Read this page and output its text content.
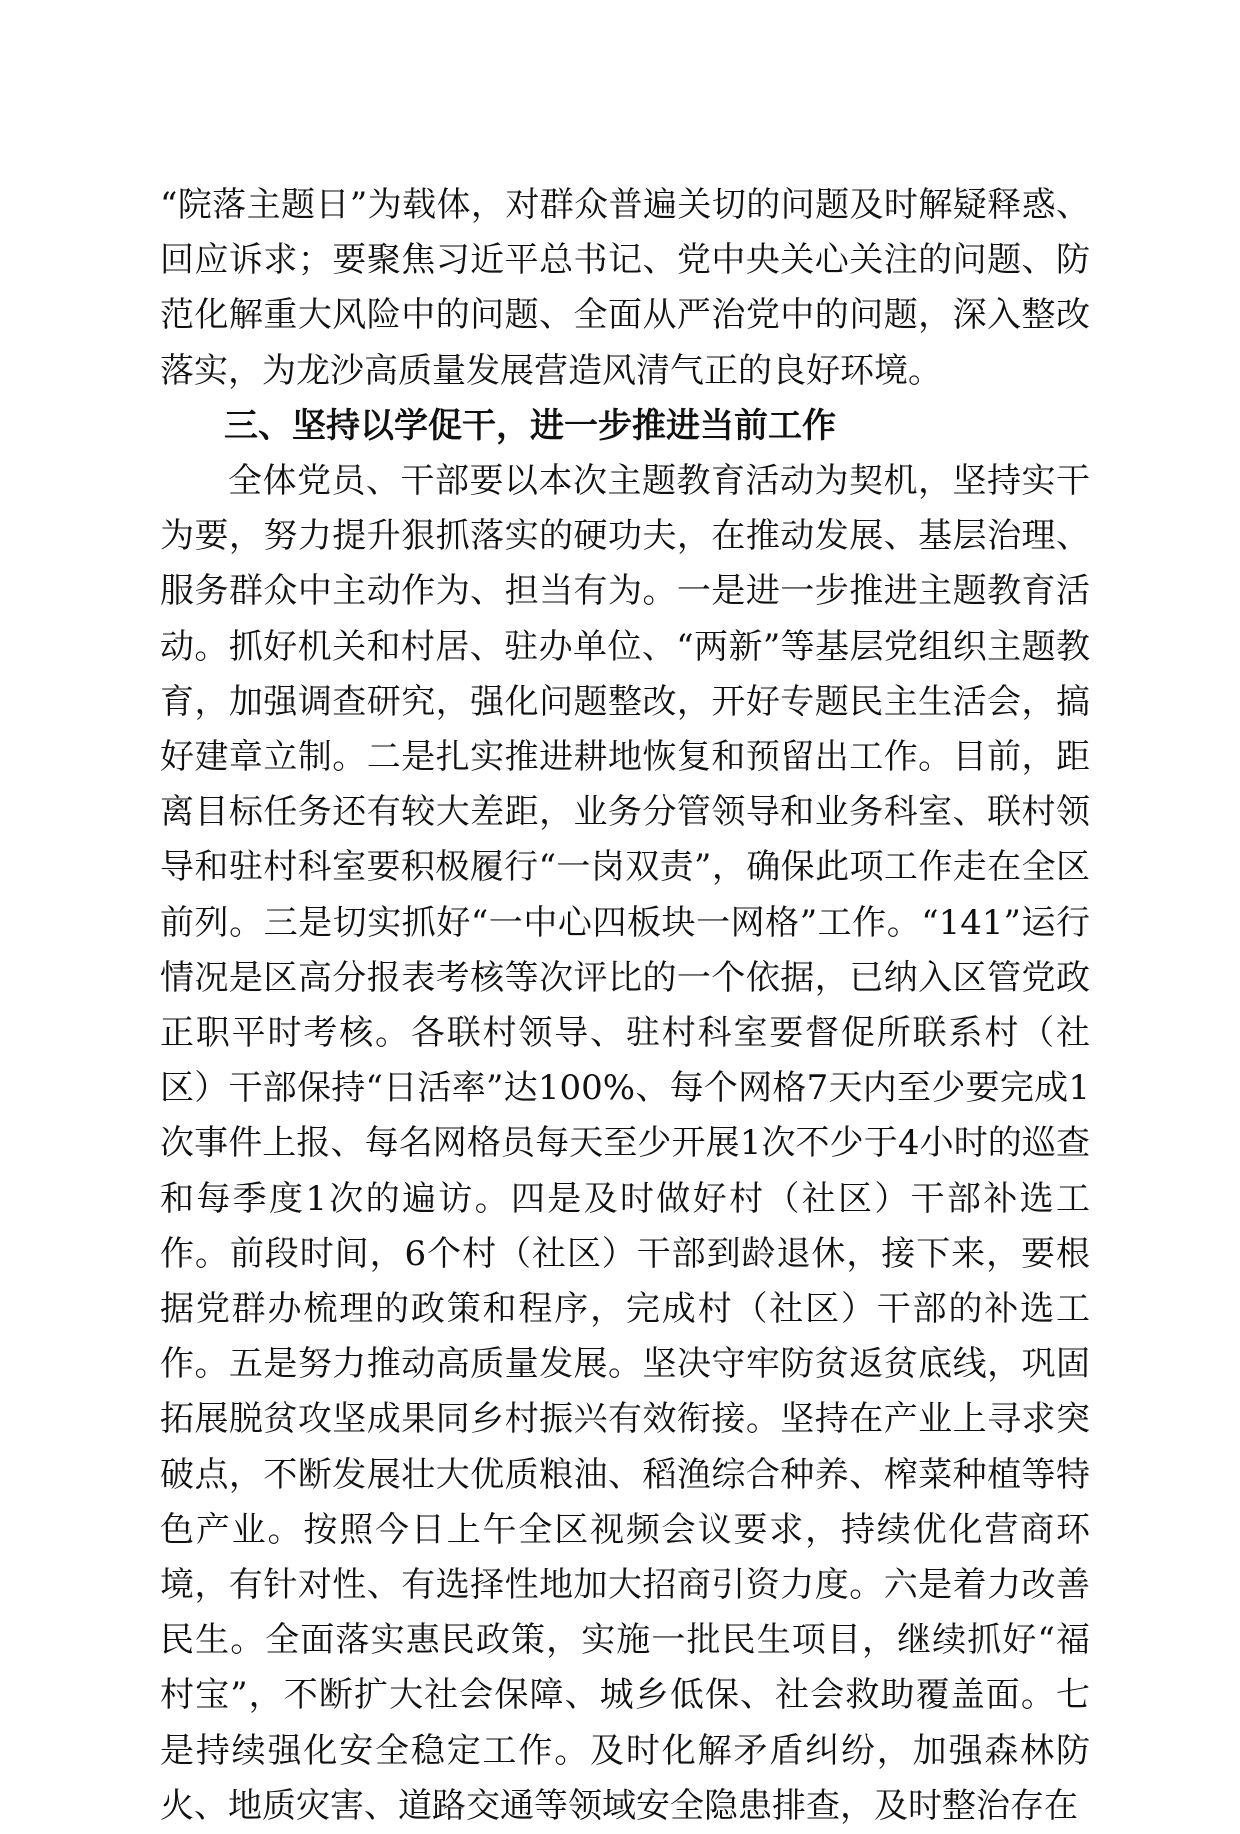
“院落主题日”为载体，对群众普遍关切的问题及时解疑释惑、回应诉求；要聚焦习近平总书记、党中央关心关注的问题、防范化解重大风险中的问题、全面从严治党中的问题，深入整改落实，为龙沙高质量发展营造风清气正的良好环境。

三、坚持以学促干，进一步推进当前工作

全体党员、干部要以本次主题教育活动为契机，坚持实干为要，努力提升狠抓落实的硬功夫，在推动发展、基层治理、服务群众中主动作为、担当有为。一是进一步推进主题教育活动。抓好机关和村居、驻办单位、“两新”等基层党组织主题教育，加强调查研究，强化问题整改，开好专题民主生活会，搞好建章立制。二是扎实推进耕地恢复和预留出工作。目前，距离目标任务还有较大差距，业务分管领导和业务科室、联村领导和驻村科室要积极履行“一岗双责”，确保此项工作走在全区前列。三是切实抓好“一中心四板块一网格”工作。“141”运行情况是区高分报表考核等次评比的一个依据，已纳入区管党政正职平时考核。各联村领导、驻村科室要督促所联系村（社区）干部保持“日活率”达100%、每个网格7天内至少要完成1次事件上报、每名网格员每天至少开展1次不少于4小时的巡查和每季度1次的遍访。四是及时做好村（社区）干部补选工作。前段时间，6个村（社区）干部到龄退休，接下来，要根据党群办梳理的政策和程序，完成村（社区）干部的补选工作。五是努力推动高质量发展。坚决守牢防贫返贫底线，巩固拓展脱贫攻坚成果同乡村振兴有效衔接。坚持在产业上寻求突破点，不断发展壮大优质粮油、稻渔综合种养、榨菜种植等特色产业。按照今日上午全区视频会议要求，持续优化营商环境，有针对性、有选择性地加大招商引资力度。六是着力改善民生。全面落实惠民政策，实施一批民生项目，继续抓好“福村宝”，不断扩大社会保障、城乡低保、社会救助覆盖面。七是持续强化安全稳定工作。及时化解矛盾纠纷，加强森林防火、地质灾害、道路交通等领域安全隐患排查，及时整治存在
